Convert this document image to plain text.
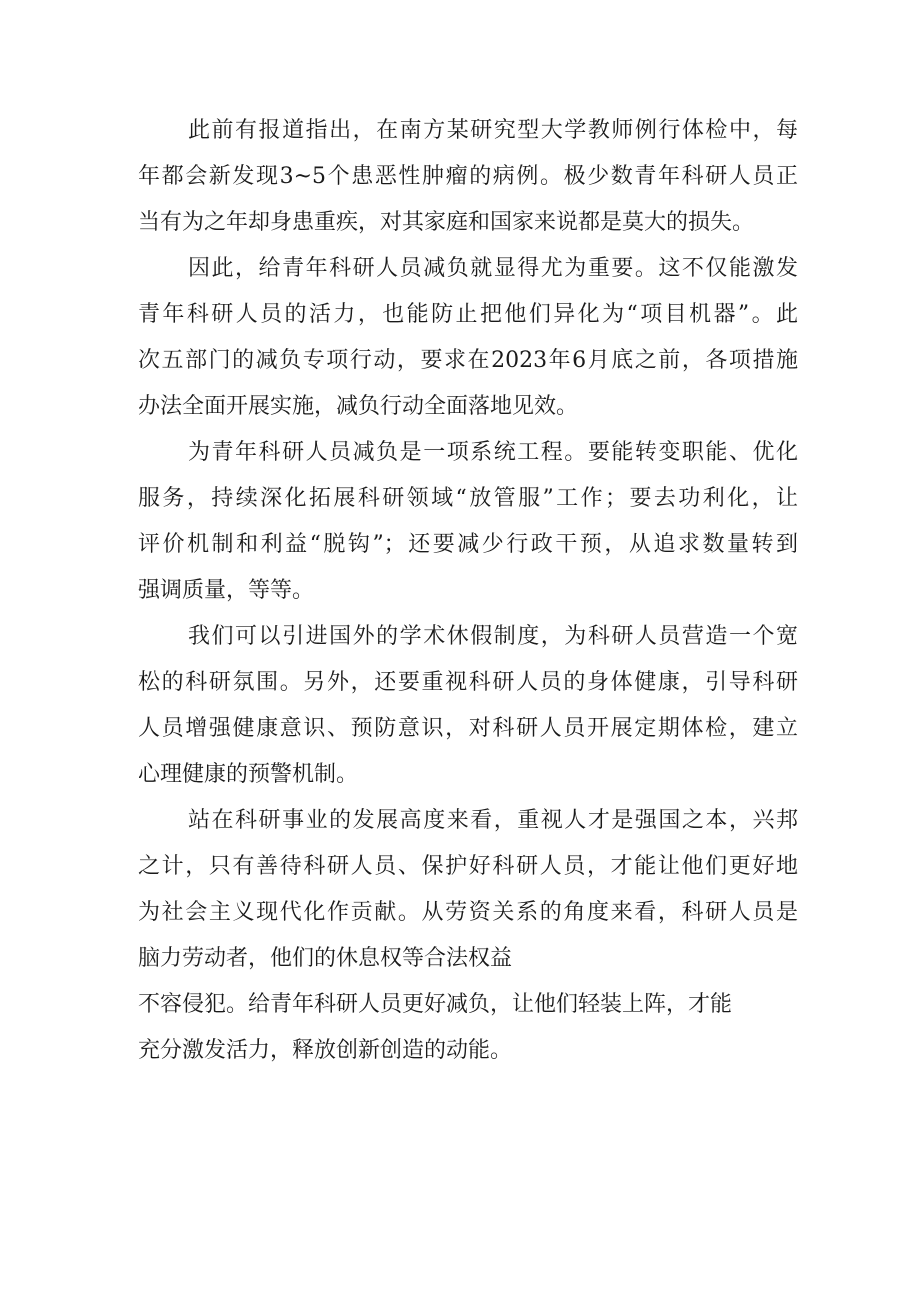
此前有报道指出，在南方某研究型大学教师例行体检中，每
年都会新发现3~5个患恶性肿瘤的病例。极少数青年科研人员正
当有为之年却身患重疾，对其家庭和国家来说都是莫大的损失。
因此，给青年科研人员减负就显得尤为重要。这不仅能激发
青年科研人员的活力，也能防止把他们异化为“项目机器”。此
次五部门的减负专项行动，要求在2023年6月底之前，各项措施
办法全面开展实施，减负行动全面落地见效。
为青年科研人员减负是一项系统工程。要能转变职能、优化
服务，持续深化拓展科研领域“放管服”工作；要去功利化，让
评价机制和利益“脱钩”；还要减少行政干预，从追求数量转到
强调质量，等等。
我们可以引进国外的学术休假制度，为科研人员营造一个宽
松的科研氛围。另外，还要重视科研人员的身体健康，引导科研
人员增强健康意识、预防意识，对科研人员开展定期体检，建立
心理健康的预警机制。
站在科研事业的发展高度来看，重视人才是强国之本，兴邦
之计，只有善待科研人员、保护好科研人员，才能让他们更好地
为社会主义现代化作贡献。从劳资关系的角度来看，科研人员是
脑力劳动者，他们的休息权等合法权益
不容侵犯。给青年科研人员更好减负，让他们轻装上阵，才能
充分激发活力，释放创新创造的动能。
